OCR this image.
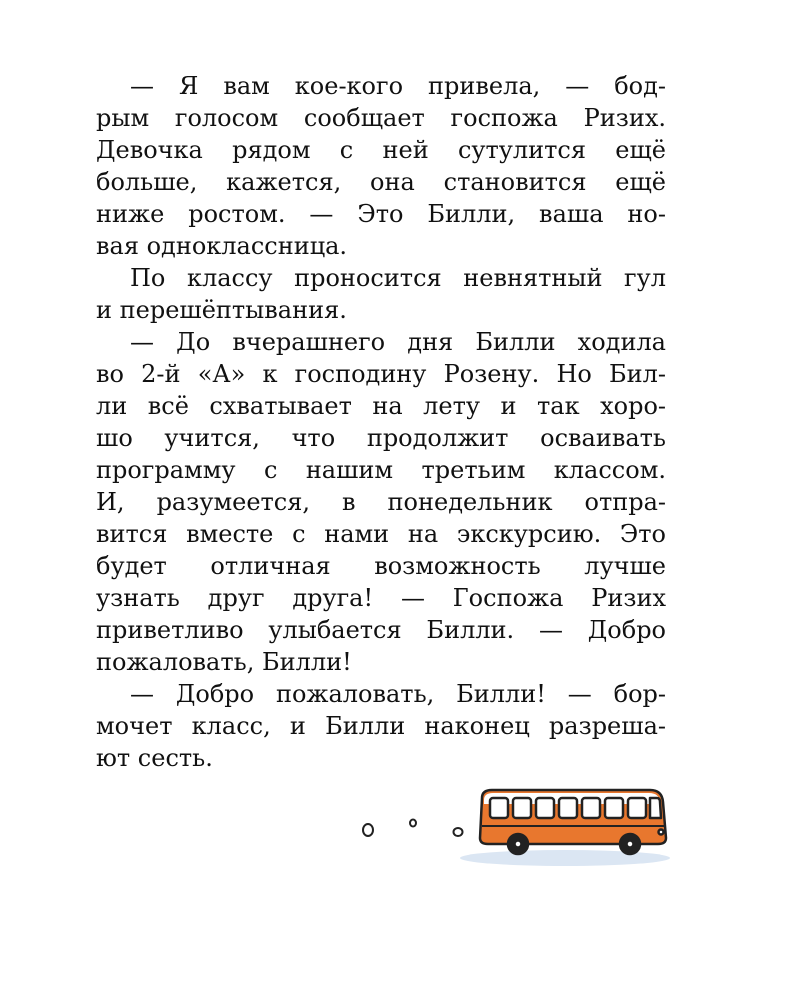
— Я вам кое-кого привела, — бод-
рым голосом сообщает госпожа Ризих.
Девочка рядом с ней сутулится ещё
больше, кажется, она становится ещё
ниже ростом. — Это Билли, ваша но-
вая одноклассница.
По классу проносится невнятный гул
и перешёптывания.
— До вчерашнего дня Билли ходила
во 2-й «А» к господину Розену. Но Бил-
ли всё схватывает на лету и так хоро-
шо учится, что продолжит осваивать
программу с нашим третьим классом.
И, разумеется, в понедельник отпра-
вится вместе с нами на экскурсию. Это
будет отличная возможность лучше
узнать друг друга! — Госпожа Ризих
приветливо улыбается Билли. — Добро
пожаловать, Билли!
— Добро пожаловать, Билли! — бор-
мочет класс, и Билли наконец разреша-
ют сесть.
